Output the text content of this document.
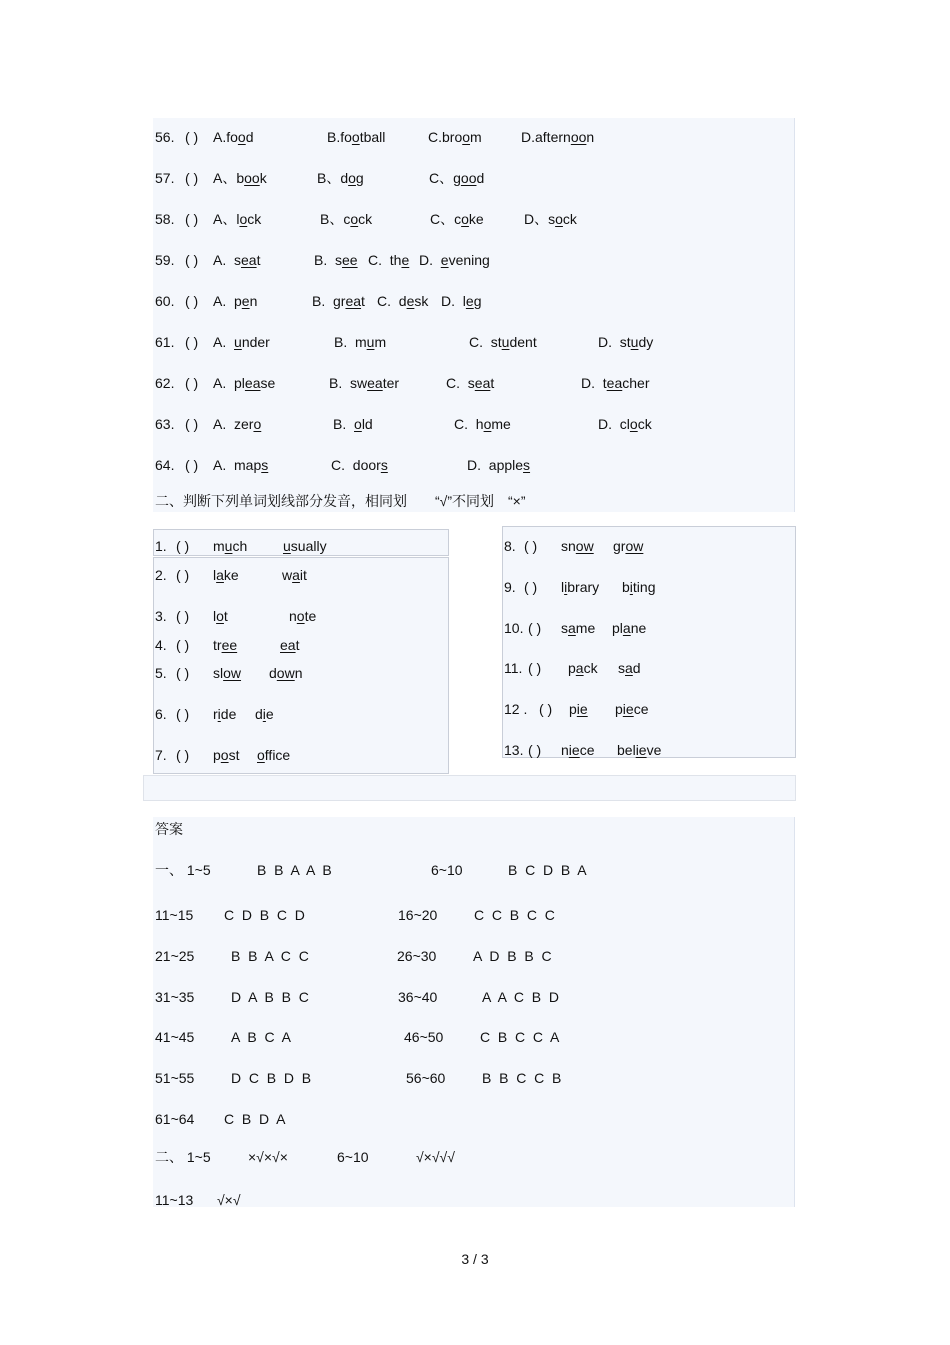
56. ( ) A.food	B.football	C.broom	D.afternoon
57. ( ) A、book	B、dog	C、good
58. ( ) A、lock	B、cock	C、coke	D、sock
59. ( ) A.  seat	B.  see C.  the D.  evening
60. ( ) A.  pen	B.  great C.  desk D.  leg
61. ( ) A.  under	B.  mum	C.  student	D.  study
62. ( ) A.  please	B.  sweater	C.  seat	D.  teacher
63. ( ) A.  zero	B.  old	C.  home	D.  clock
64. ( ) A.  maps	C.  doors	D.  apples
二、判断下列单词划线部分发音，相同划　　“√”不同划　“×”
1. ( ) much	usually
2. ( ) lake	wait
3. ( ) lot	note
4. ( ) tree	eat
5. ( ) slow down
6. ( ) ride die
7. ( ) post office
8. ( ) snow grow
9. ( ) library biting
10. ( ) same plane
11. ( ) pack sad
12 . ( ) pie piece
13. ( ) niece believe
答案
一、 1~5	B  B  A  A  B	6~10	B  C  D  B  A
11~15 C  D  B  C  D	16~20	C  C  B  C  C
21~25	B  B  A  C  C	26~30	A  D  B  B  C
31~35	D  A  B  B  C	36~40	A  A  C  B  D
41~45	A  B  C  A	46~50	C  B  C  C  A
51~55	D  C  B  D  B	56~60	B  B  C  C  B
61~64 C  B  D  A
二、 1~5	×√×√×	6~10	√×√√√
11~13 √×√
3 / 3
